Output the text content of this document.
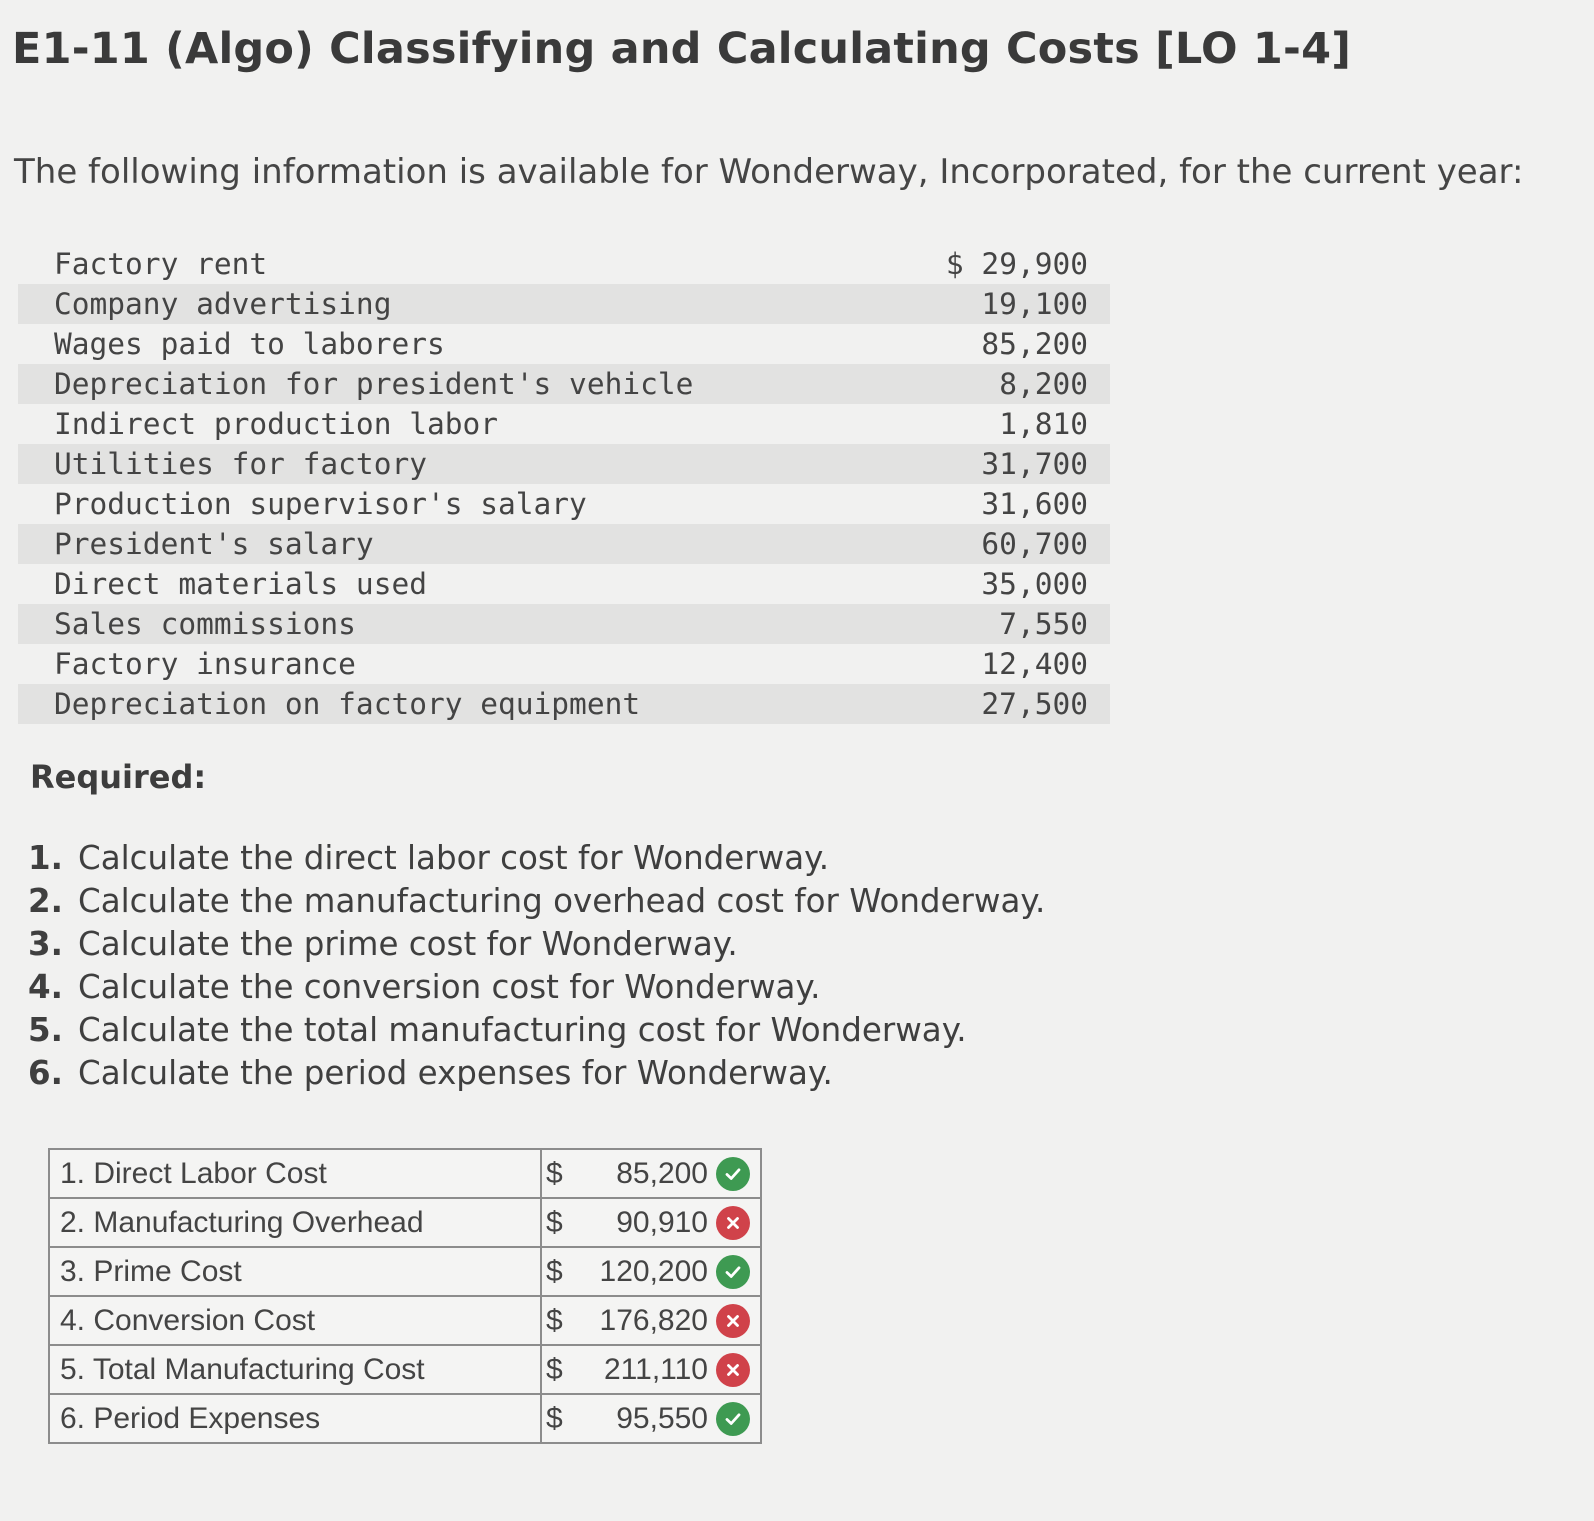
E1-11 (Algo) Classifying and Calculating Costs [LO 1-4]
The following information is available for Wonderway, Incorporated, for the current year:
Factory rent	$ 29,900
Company advertising	19,100
Wages paid to laborers	85,200
Depreciation for president's vehicle	8,200
Indirect production labor	1,810
Utilities for factory	31,700
Production supervisor's salary	31,600
President's salary	60,700
Direct materials used	35,000
Sales commissions	7,550
Factory insurance	12,400
Depreciation on factory equipment	27,500
Required:
1. Calculate the direct labor cost for Wonderway.
2. Calculate the manufacturing overhead cost for Wonderway.
3. Calculate the prime cost for Wonderway.
4. Calculate the conversion cost for Wonderway.
5. Calculate the total manufacturing cost for Wonderway.
6. Calculate the period expenses for Wonderway.
1. Direct Labor Cost	$ 85,200

2. Manufacturing Overhead	$ 90,910

3. Prime Cost	$ 120,200

4. Conversion Cost	$ 176,820

5. Total Manufacturing Cost	$ 211,110

6. Period Expenses	$ 95,550
